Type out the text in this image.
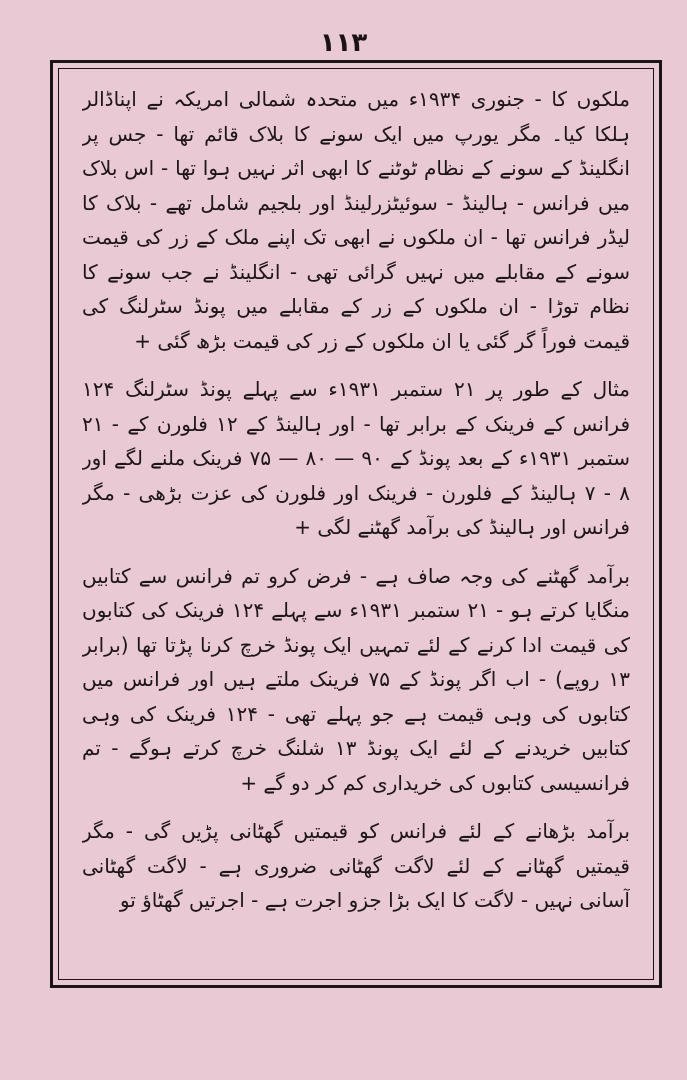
۱۱۳

ملکوں کا - جنوری ۱۹۳۴ء میں متحدہ شمالی امریکہ نے اپناڈالر ہلکا کیا۔ مگر یورپ میں ایک سونے کا بلاک قائم تھا - جس پر انگلینڈ کے سونے کے نظام ٹوٹنے کا ابھی اثر نہیں ہوا تھا - اس بلاک میں فرانس - ہالینڈ - سوئیٹزرلینڈ اور بلجیم شامل تھے - بلاک کا لیڈر فرانس تھا - ان ملکوں نے ابھی تک اپنے ملک کے زر کی قیمت سونے کے مقابلے میں نہیں گرائی تھی - انگلینڈ نے جب سونے کا نظام توڑا - ان ملکوں کے زر کے مقابلے میں پونڈ سٹرلنگ کی قیمت فوراً گر گئی یا ان ملکوں کے زر کی قیمت بڑھ گئی +

مثال کے طور پر ۲۱ ستمبر ۱۹۳۱ء سے پہلے پونڈ سٹرلنگ ۱۲۴ فرانس کے فرینک کے برابر تھا - اور ہالینڈ کے ۱۲ فلورن کے - ۲۱ ستمبر ۱۹۳۱ء کے بعد پونڈ کے ۹۰ — ۸۰ — ۷۵ فرینک ملنے لگے اور ۸ - ۷ ہالینڈ کے فلورن - فرینک اور فلورن کی عزت بڑھی - مگر فرانس اور ہالینڈ کی برآمد گھٹنے لگی +

برآمد گھٹنے کی وجہ صاف ہے - فرض کرو تم فرانس سے کتابیں منگایا کرتے ہو - ۲۱ ستمبر ۱۹۳۱ء سے پہلے ۱۲۴ فرینک کی کتابوں کی قیمت ادا کرنے کے لئے تمہیں ایک پونڈ خرچ کرنا پڑتا تھا (برابر ۱۳ روپے) - اب اگر پونڈ کے ۷۵ فرینک ملتے ہیں اور فرانس میں کتابوں کی وہی قیمت ہے جو پہلے تھی - ۱۲۴ فرینک کی وہی کتابیں خریدنے کے لئے ایک پونڈ ۱۳ شلنگ خرچ کرتے ہوگے - تم فرانسیسی کتابوں کی خریداری کم کر دو گے +

برآمد بڑھانے کے لئے فرانس کو قیمتیں گھٹانی پڑیں گی - مگر قیمتیں گھٹانے کے لئے لاگت گھٹانی ضروری ہے - لاگت گھٹانی آسانی نہیں - لاگت کا ایک بڑا جزو اجرت ہے - اجرتیں گھٹاؤ تو
